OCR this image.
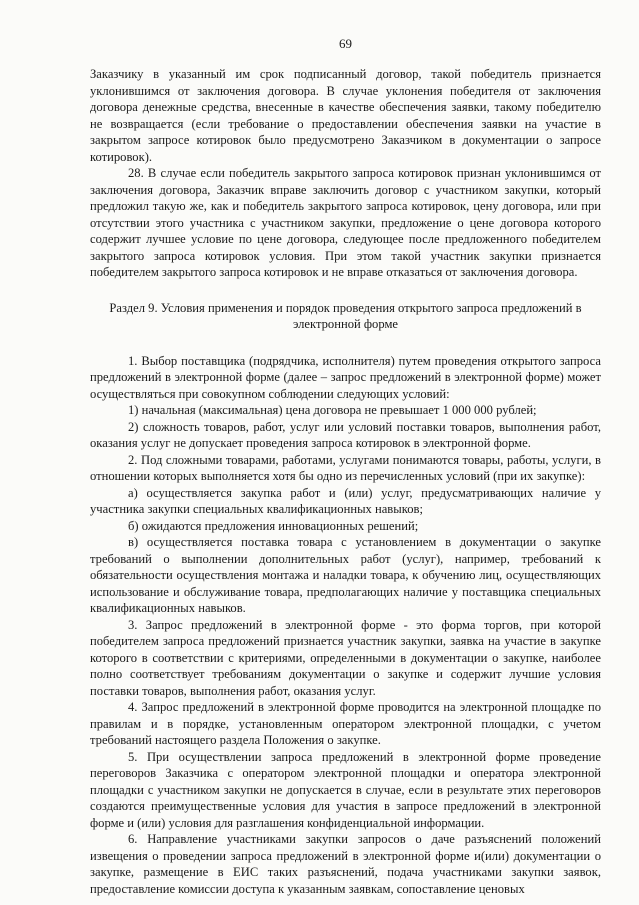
69

Заказчику в указанный им срок подписанный договор, такой победитель признается уклонившимся от заключения договора. В случае уклонения победителя от заключения договора денежные средства, внесенные в качестве обеспечения заявки, такому победителю не возвращается (если требование о предоставлении обеспечения заявки на участие в закрытом запросе котировок было предусмотрено Заказчиком в документации о запросе котировок).

28. В случае если победитель закрытого запроса котировок признан уклонившимся от заключения договора, Заказчик вправе заключить договор с участником закупки, который предложил такую же, как и победитель закрытого запроса котировок, цену договора, или при отсутствии этого участника с участником закупки, предложение о цене договора которого содержит лучшее условие по цене договора, следующее после предложенного победителем закрытого запроса котировок условия. При этом такой участник закупки признается победителем закрытого запроса котировок и не вправе отказаться от заключения договора.

Раздел 9. Условия применения и порядок проведения открытого запроса предложений в электронной форме

1. Выбор поставщика (подрядчика, исполнителя) путем проведения открытого запроса предложений в электронной форме (далее – запрос предложений в электронной форме) может осуществляться при совокупном соблюдении следующих условий:

1) начальная (максимальная) цена договора не превышает 1 000 000 рублей;

2) сложность товаров, работ, услуг или условий поставки товаров, выполнения работ, оказания услуг не допускает проведения запроса котировок в электронной форме.

2. Под сложными товарами, работами, услугами понимаются товары, работы, услуги, в отношении которых выполняется хотя бы одно из перечисленных условий (при их закупке):

а) осуществляется закупка работ и (или) услуг, предусматривающих наличие у участника закупки специальных квалификационных навыков;

б) ожидаются предложения инновационных решений;

в) осуществляется поставка товара с установлением в документации о закупке требований о выполнении дополнительных работ (услуг), например, требований к обязательности осуществления монтажа и наладки товара, к обучению лиц, осуществляющих использование и обслуживание товара, предполагающих наличие у поставщика специальных квалификационных навыков.

3. Запрос предложений в электронной форме - это форма торгов, при которой победителем запроса предложений признается участник закупки, заявка на участие в закупке которого в соответствии с критериями, определенными в документации о закупке, наиболее полно соответствует требованиям документации о закупке и содержит лучшие условия поставки товаров, выполнения работ, оказания услуг.

4. Запрос предложений в электронной форме проводится на электронной площадке по правилам и в порядке, установленным оператором электронной площадки, с учетом требований настоящего раздела Положения о закупке.

5. При осуществлении запроса предложений в электронной форме проведение переговоров Заказчика с оператором электронной площадки и оператора электронной площадки с участником закупки не допускается в случае, если в результате этих переговоров создаются преимущественные условия для участия в запросе предложений в электронной форме и (или) условия для разглашения конфиденциальной информации.

6. Направление участниками закупки запросов о даче разъяснений положений извещения о проведении запроса предложений в электронной форме и(или) документации о закупке, размещение в ЕИС таких разъяснений, подача участниками закупки заявок, предоставление комиссии доступа к указанным заявкам, сопоставление ценовых
